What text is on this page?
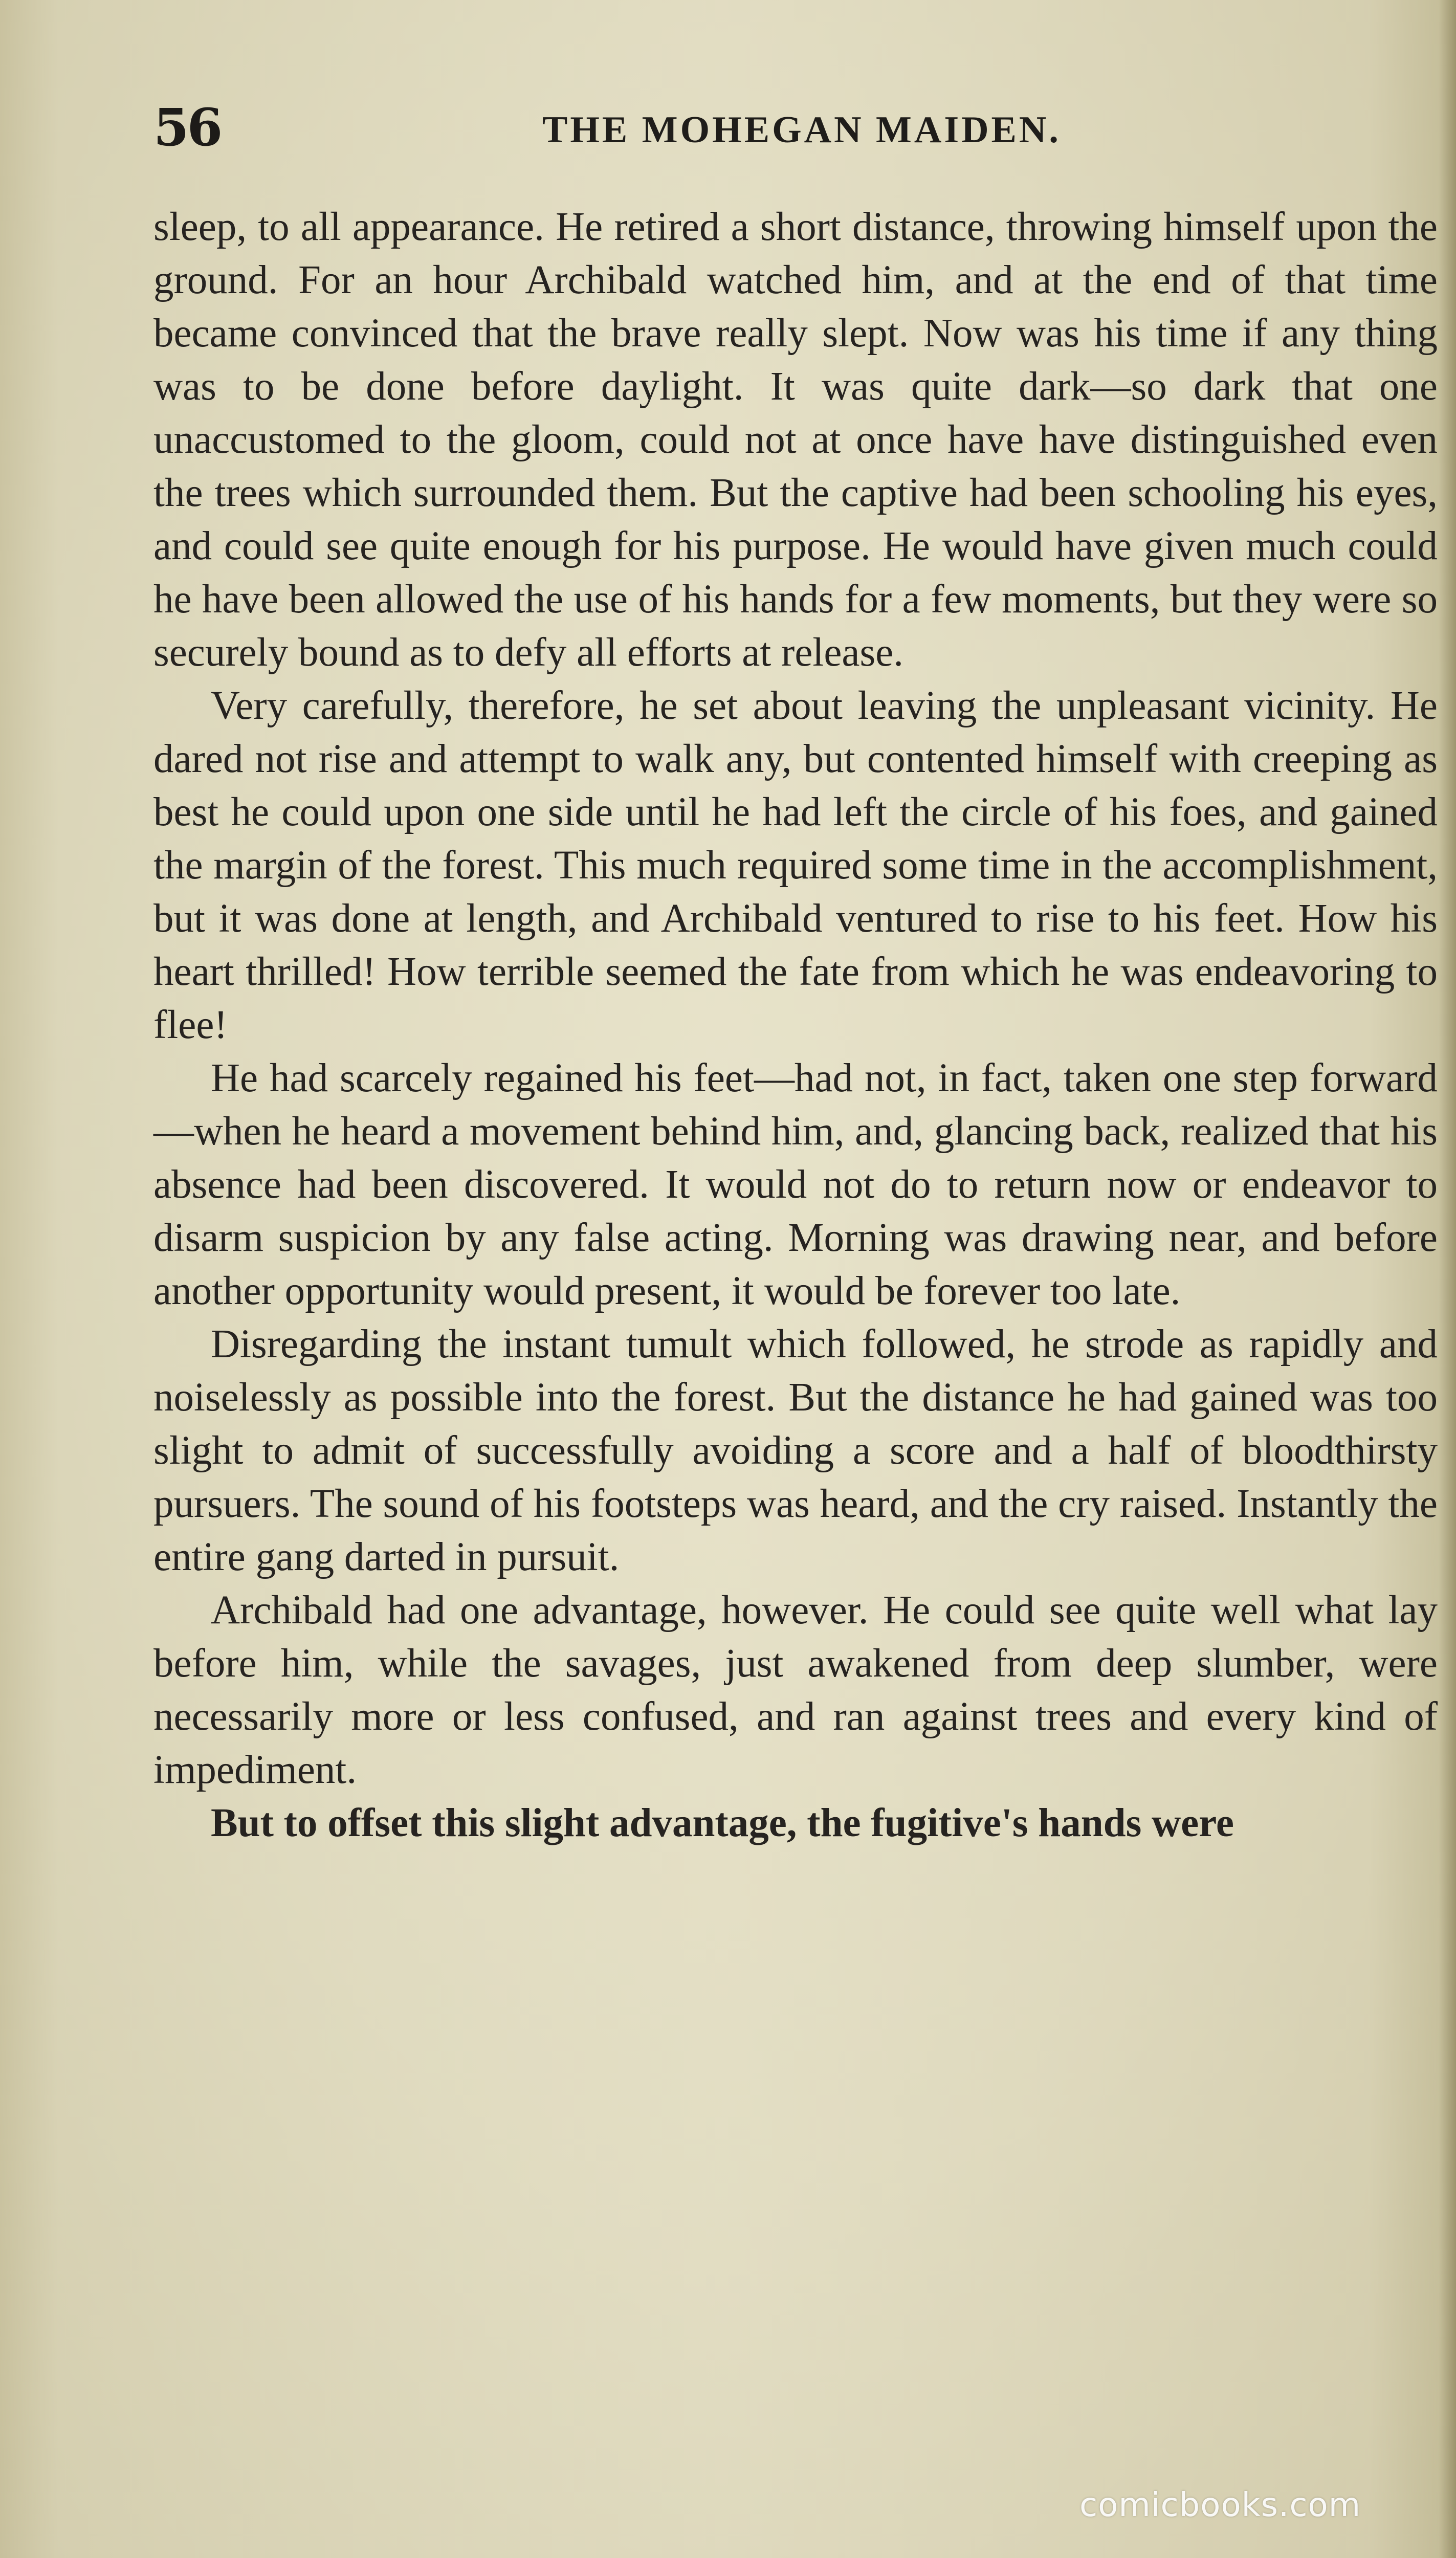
56	THE MOHEGAN MAIDEN.

sleep, to all appearance. He retired a short distance, throwing himself upon the ground. For an hour Archibald watched him, and at the end of that time became convinced that the brave really slept. Now was his time if any thing was to be done before daylight. It was quite dark—so dark that one unaccustomed to the gloom, could not at once have have distinguished even the trees which surrounded them. But the captive had been schooling his eyes, and could see quite enough for his purpose. He would have given much could he have been allowed the use of his hands for a few moments, but they were so securely bound as to defy all efforts at release.

Very carefully, therefore, he set about leaving the unpleasant vicinity. He dared not rise and attempt to walk any, but contented himself with creeping as best he could upon one side until he had left the circle of his foes, and gained the margin of the forest. This much required some time in the accomplishment, but it was done at length, and Archibald ventured to rise to his feet. How his heart thrilled! How terrible seemed the fate from which he was endeavoring to flee!

He had scarcely regained his feet—had not, in fact, taken one step forward—when he heard a movement behind him, and, glancing back, realized that his absence had been discovered. It would not do to return now or endeavor to disarm suspicion by any false acting. Morning was drawing near, and before another opportunity would present, it would be forever too late.

Disregarding the instant tumult which followed, he strode as rapidly and noiselessly as possible into the forest. But the distance he had gained was too slight to admit of successfully avoiding a score and a half of bloodthirsty pursuers. The sound of his footsteps was heard, and the cry raised. Instantly the entire gang darted in pursuit.

Archibald had one advantage, however. He could see quite well what lay before him, while the savages, just awakened from deep slumber, were necessarily more or less confused, and ran against trees and every kind of impediment.

But to offset this slight advantage, the fugitive's hands were

comicbooks.com
